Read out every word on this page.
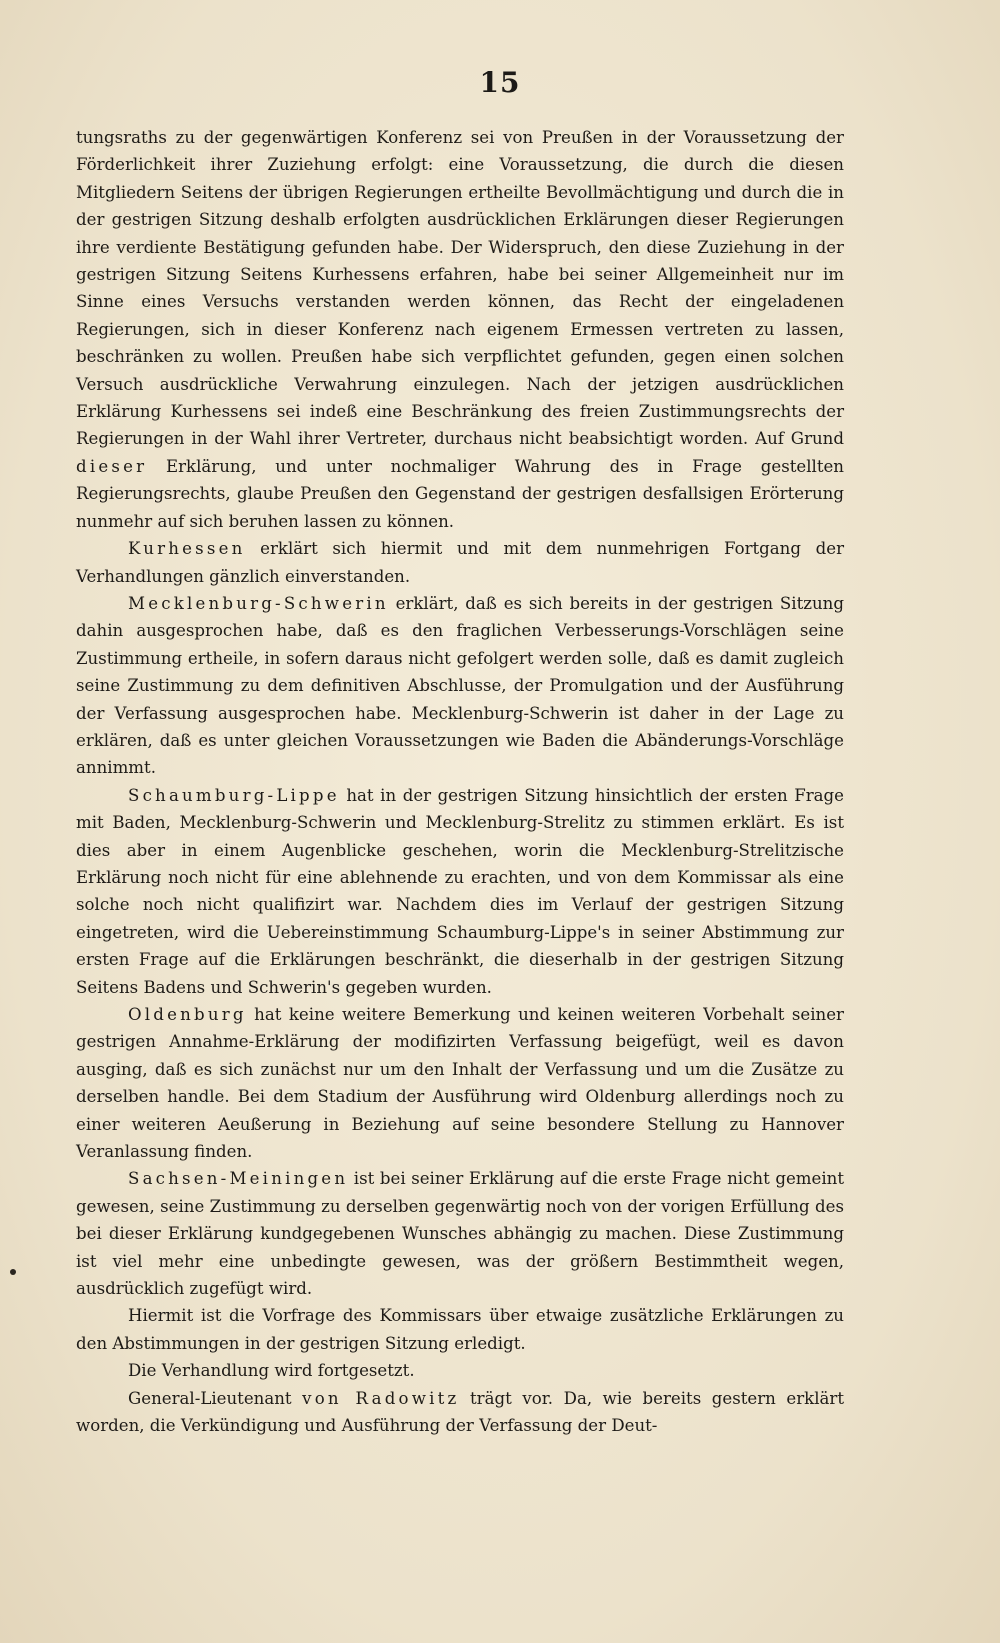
15

tungsraths zu der gegenwärtigen Konferenz sei von Preußen in der Voraussetzung der Förderlichkeit ihrer Zuziehung erfolgt: eine Voraussetzung, die durch die diesen Mitgliedern Seitens der übrigen Regierungen ertheilte Bevollmächtigung und durch die in der gestrigen Sitzung deshalb erfolgten ausdrücklichen Erklärungen dieser Regierungen ihre verdiente Bestätigung gefunden habe. Der Widerspruch, den diese Zuziehung in der gestrigen Sitzung Seitens Kurhessens erfahren, habe bei seiner Allgemeinheit nur im Sinne eines Versuchs verstanden werden können, das Recht der eingeladenen Regierungen, sich in dieser Konferenz nach eigenem Ermessen vertreten zu lassen, beschränken zu wollen. Preußen habe sich verpflichtet gefunden, gegen einen solchen Versuch ausdrückliche Verwahrung einzulegen. Nach der jetzigen ausdrücklichen Erklärung Kurhessens sei indeß eine Beschränkung des freien Zustimmungsrechts der Regierungen in der Wahl ihrer Vertreter, durchaus nicht beabsichtigt worden. Auf Grund dieser Erklärung, und unter nochmaliger Wahrung des in Frage gestellten Regierungsrechts, glaube Preußen den Gegenstand der gestrigen desfallsigen Erörterung nunmehr auf sich beruhen lassen zu können.

Kurhessen erklärt sich hiermit und mit dem nunmehrigen Fortgang der Verhandlungen gänzlich einverstanden.

Mecklenburg-Schwerin erklärt, daß es sich bereits in der gestrigen Sitzung dahin ausgesprochen habe, daß es den fraglichen Verbesserungs-Vorschlägen seine Zustimmung ertheile, in sofern daraus nicht gefolgert werden solle, daß es damit zugleich seine Zustimmung zu dem definitiven Abschlusse, der Promulgation und der Ausführung der Verfassung ausgesprochen habe. Mecklenburg-Schwerin ist daher in der Lage zu erklären, daß es unter gleichen Voraussetzungen wie Baden die Abänderungs-Vorschläge annimmt.

Schaumburg-Lippe hat in der gestrigen Sitzung hinsichtlich der ersten Frage mit Baden, Mecklenburg-Schwerin und Mecklenburg-Strelitz zu stimmen erklärt. Es ist dies aber in einem Augenblicke geschehen, worin die Mecklenburg-Strelitzische Erklärung noch nicht für eine ablehnende zu erachten, und von dem Kommissar als eine solche noch nicht qualifizirt war. Nachdem dies im Verlauf der gestrigen Sitzung eingetreten, wird die Uebereinstimmung Schaumburg-Lippe's in seiner Abstimmung zur ersten Frage auf die Erklärungen beschränkt, die dieserhalb in der gestrigen Sitzung Seitens Badens und Schwerin's gegeben wurden.

Oldenburg hat keine weitere Bemerkung und keinen weiteren Vorbehalt seiner gestrigen Annahme-Erklärung der modifizirten Verfassung beigefügt, weil es davon ausging, daß es sich zunächst nur um den Inhalt der Verfassung und um die Zusätze zu derselben handle. Bei dem Stadium der Ausführung wird Oldenburg allerdings noch zu einer weiteren Aeußerung in Beziehung auf seine besondere Stellung zu Hannover Veranlassung finden.

Sachsen-Meiningen ist bei seiner Erklärung auf die erste Frage nicht gemeint gewesen, seine Zustimmung zu derselben gegenwärtig noch von der vorigen Erfüllung des bei dieser Erklärung kundgegebenen Wunsches abhängig zu machen. Diese Zustimmung ist viel mehr eine unbedingte gewesen, was der größern Bestimmtheit wegen, ausdrücklich zugefügt wird.

Hiermit ist die Vorfrage des Kommissars über etwaige zusätzliche Erklärungen zu den Abstimmungen in der gestrigen Sitzung erledigt.

Die Verhandlung wird fortgesetzt.

General-Lieutenant von Radowitz trägt vor. Da, wie bereits gestern erklärt worden, die Verkündigung und Ausführung der Verfassung der Deut-
